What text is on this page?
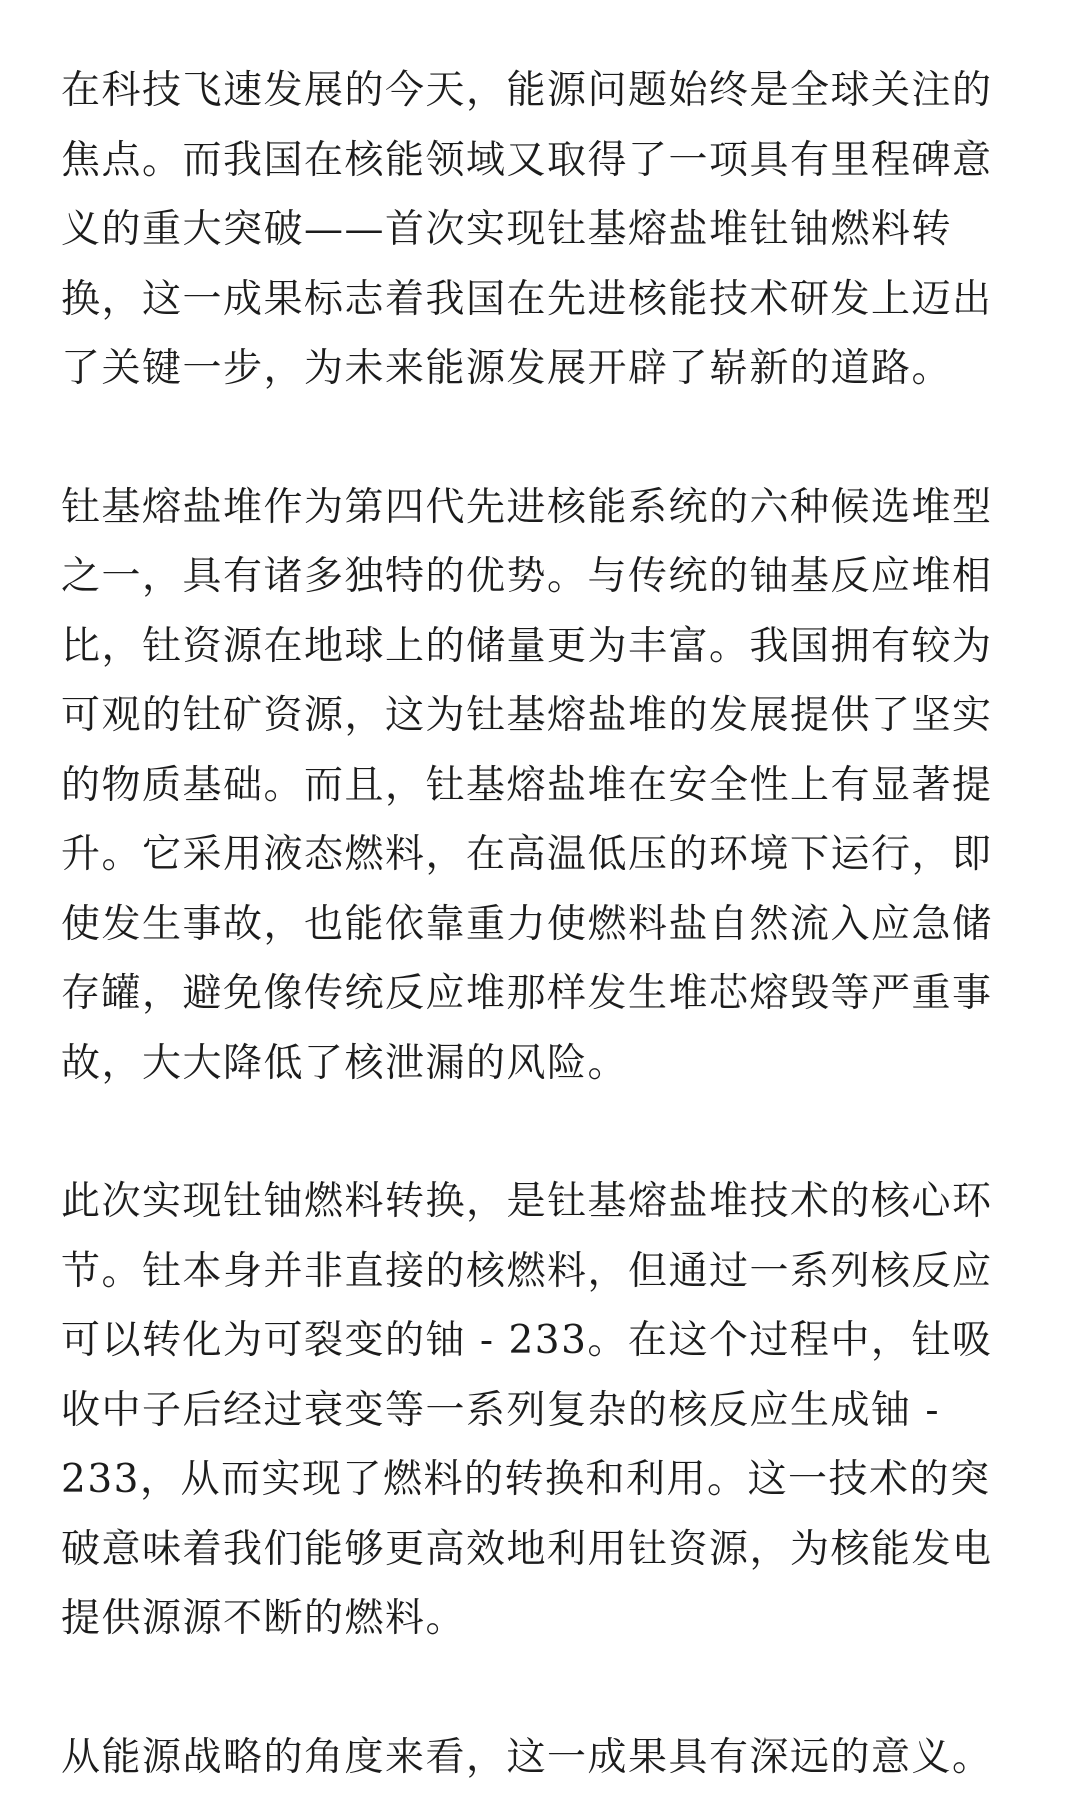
在科技飞速发展的今天，能源问题始终是全球关注的焦点。而我国在核能领域又取得了一项具有里程碑意义的重大突破——首次实现钍基熔盐堆钍铀燃料转换，这一成果标志着我国在先进核能技术研发上迈出了关键一步，为未来能源发展开辟了崭新的道路。

钍基熔盐堆作为第四代先进核能系统的六种候选堆型之一，具有诸多独特的优势。与传统的铀基反应堆相比，钍资源在地球上的储量更为丰富。我国拥有较为可观的钍矿资源，这为钍基熔盐堆的发展提供了坚实的物质基础。而且，钍基熔盐堆在安全性上有显著提升。它采用液态燃料，在高温低压的环境下运行，即使发生事故，也能依靠重力使燃料盐自然流入应急储存罐，避免像传统反应堆那样发生堆芯熔毁等严重事故，大大降低了核泄漏的风险。

此次实现钍铀燃料转换，是钍基熔盐堆技术的核心环节。钍本身并非直接的核燃料，但通过一系列核反应可以转化为可裂变的铀 - 233。在这个过程中，钍吸收中子后经过衰变等一系列复杂的核反应生成铀 - 233，从而实现了燃料的转换和利用。这一技术的突破意味着我们能够更高效地利用钍资源，为核能发电提供源源不断的燃料。

从能源战略的角度来看，这一成果具有深远的意义。
